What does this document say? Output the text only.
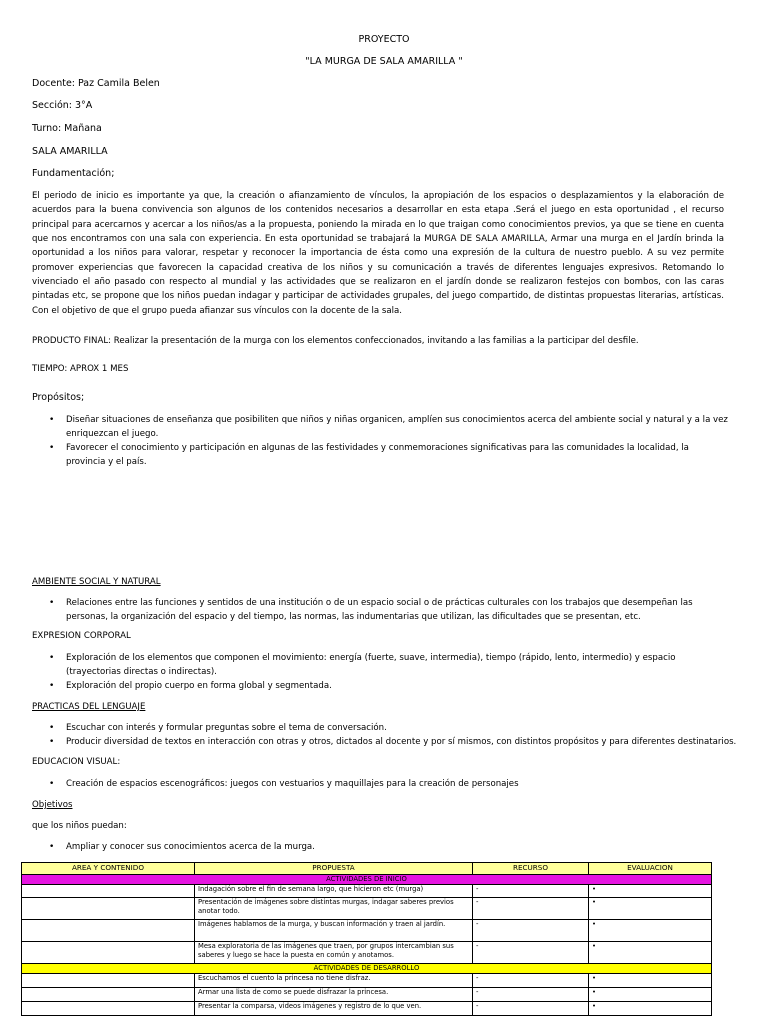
PROYECTO
"LA MURGA DE SALA AMARILLA "
Docente: Paz Camila Belen
Sección: 3°A
Turno: Mañana
SALA AMARILLA
Fundamentación;
El periodo de inicio es importante ya que, la creación o afianzamiento de vínculos, la apropiación de los espacios o desplazamientos y la elaboración de acuerdos para la buena convivencia son algunos de los contenidos necesarios a desarrollar en esta etapa .Será el juego en esta oportunidad , el recurso principal para acercarnos y acercar a los niños/as a la propuesta, poniendo la mirada en lo que traigan como conocimientos previos, ya que se tiene en cuenta que nos encontramos con una sala con experiencia. En esta oportunidad se trabajará la MURGA DE SALA AMARILLA, Armar una murga en el Jardín brinda la oportunidad a los niños para valorar, respetar y reconocer la importancia de ésta como una expresión de la cultura de nuestro pueblo. A su vez permite promover experiencias que favorecen la capacidad creativa de los niños y su comunicación a través de diferentes lenguajes expresivos. Retomando lo vivenciado el año pasado con respecto al mundial y las actividades que se realizaron en el jardín donde se realizaron festejos con bombos, con las caras pintadas etc, se propone que los niños puedan indagar y participar de actividades grupales, del juego compartido, de distintas propuestas literarias, artísticas. Con el objetivo de que el grupo pueda afianzar sus vínculos con la docente de la sala.
PRODUCTO FINAL: Realizar la presentación de la murga con los elementos confeccionados, invitando a las familias a la participar del desfile.
TIEMPO: APROX 1 MES
Propósitos;
• Diseñar situaciones de enseñanza que posibiliten que niños y niñas organicen, amplíen sus conocimientos acerca del ambiente social y natural y a la vez enriquezcan el juego.
• Favorecer el conocimiento y participación en algunas de las festividades y conmemoraciones significativas para las comunidades la localidad, la provincia y el país.
AMBIENTE SOCIAL Y NATURAL
• Relaciones entre las funciones y sentidos de una institución o de un espacio social o de prácticas culturales con los trabajos que desempeñan las personas, la organización del espacio y del tiempo, las normas, las indumentarias que utilizan, las dificultades que se presentan, etc.
EXPRESION CORPORAL
• Exploración de los elementos que componen el movimiento: energía (fuerte, suave, intermedia), tiempo (rápido, lento, intermedio) y espacio (trayectorias directas o indirectas).
• Exploración del propio cuerpo en forma global y segmentada.
PRACTICAS DEL LENGUAJE
• Escuchar con interés y formular preguntas sobre el tema de conversación.
• Producir diversidad de textos en interacción con otras y otros, dictados al docente y por sí mismos, con distintos propósitos y para diferentes destinatarios.
EDUCACION VISUAL:
• Creación de espacios escenográficos: juegos con vestuarios y maquillajes para la creación de personajes
Objetivos
que los niños puedan:
• Ampliar y conocer sus conocimientos acerca de la murga.
AREA Y CONTENIDO	PROPUESTA	RECURSO	EVALUACION
ACTIVIDADES DE INICIO			
	Indagación sobre el fin de semana largo, que hicieron etc (murga)	-	•
	Presentación de imágenes sobre distintas murgas, indagar saberes previos anotar todo.	-	•
	Imágenes hablamos de la murga, y buscan información y traen al jardín.	-	•
	Mesa exploratoria de las imágenes que traen, por grupos intercambian sus saberes y luego se hace la puesta en común y anotamos.	-	•
ACTIVIDADES DE DESARROLLO			
	Escuchamos el cuento la princesa no tiene disfraz.	-	•
	Armar una lista de como se puede disfrazar la princesa.	-	•
	Presentar la comparsa, videos imágenes y registro de lo que ven.	-	•
